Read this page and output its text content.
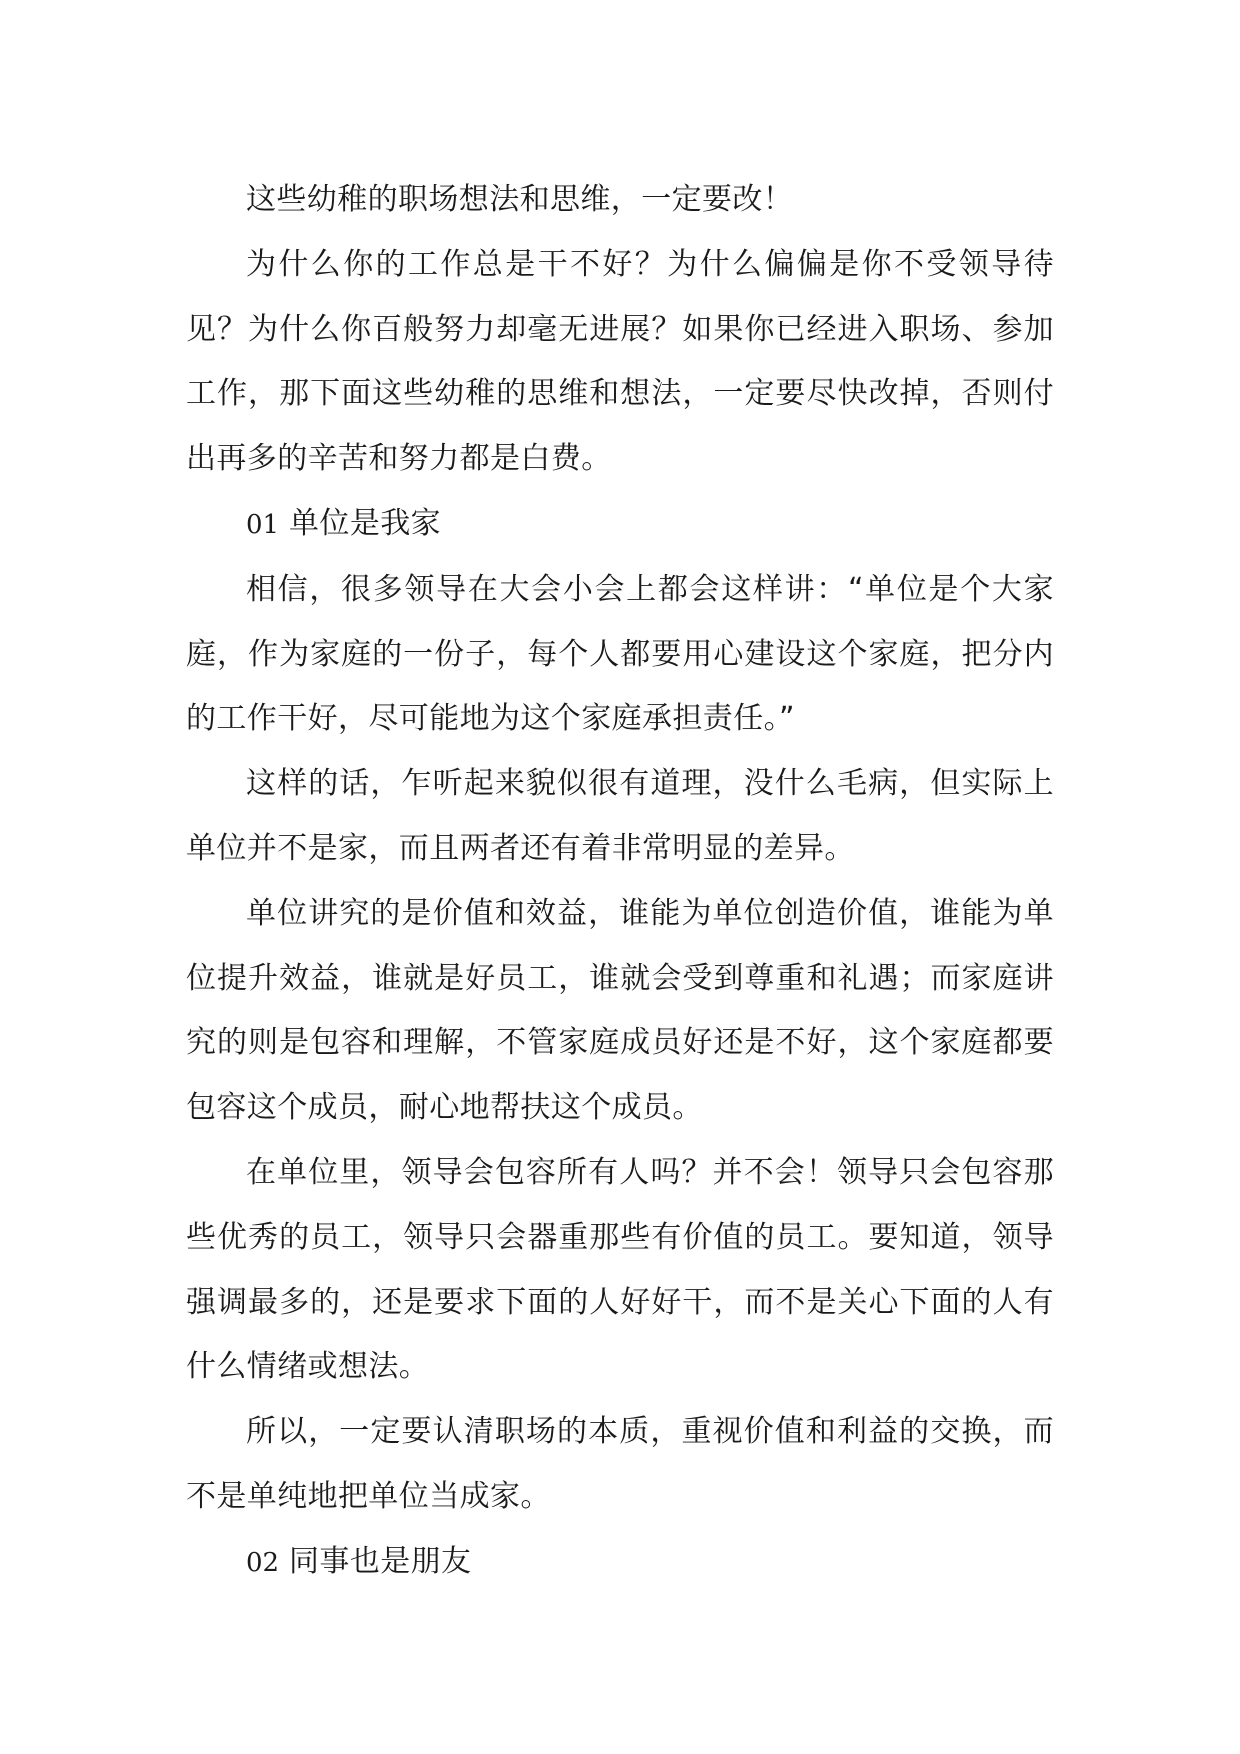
这些幼稚的职场想法和思维，一定要改！

为什么你的工作总是干不好？为什么偏偏是你不受领导待见？为什么你百般努力却毫无进展？如果你已经进入职场、参加工作，那下面这些幼稚的思维和想法，一定要尽快改掉，否则付出再多的辛苦和努力都是白费。

01 单位是我家

相信，很多领导在大会小会上都会这样讲：“单位是个大家庭，作为家庭的一份子，每个人都要用心建设这个家庭，把分内的工作干好，尽可能地为这个家庭承担责任。”

这样的话，乍听起来貌似很有道理，没什么毛病，但实际上单位并不是家，而且两者还有着非常明显的差异。

单位讲究的是价值和效益，谁能为单位创造价值，谁能为单位提升效益，谁就是好员工，谁就会受到尊重和礼遇；而家庭讲究的则是包容和理解，不管家庭成员好还是不好，这个家庭都要包容这个成员，耐心地帮扶这个成员。

在单位里，领导会包容所有人吗？并不会！领导只会包容那些优秀的员工，领导只会器重那些有价值的员工。要知道，领导强调最多的，还是要求下面的人好好干，而不是关心下面的人有什么情绪或想法。

所以，一定要认清职场的本质，重视价值和利益的交换，而不是单纯地把单位当成家。

02 同事也是朋友
